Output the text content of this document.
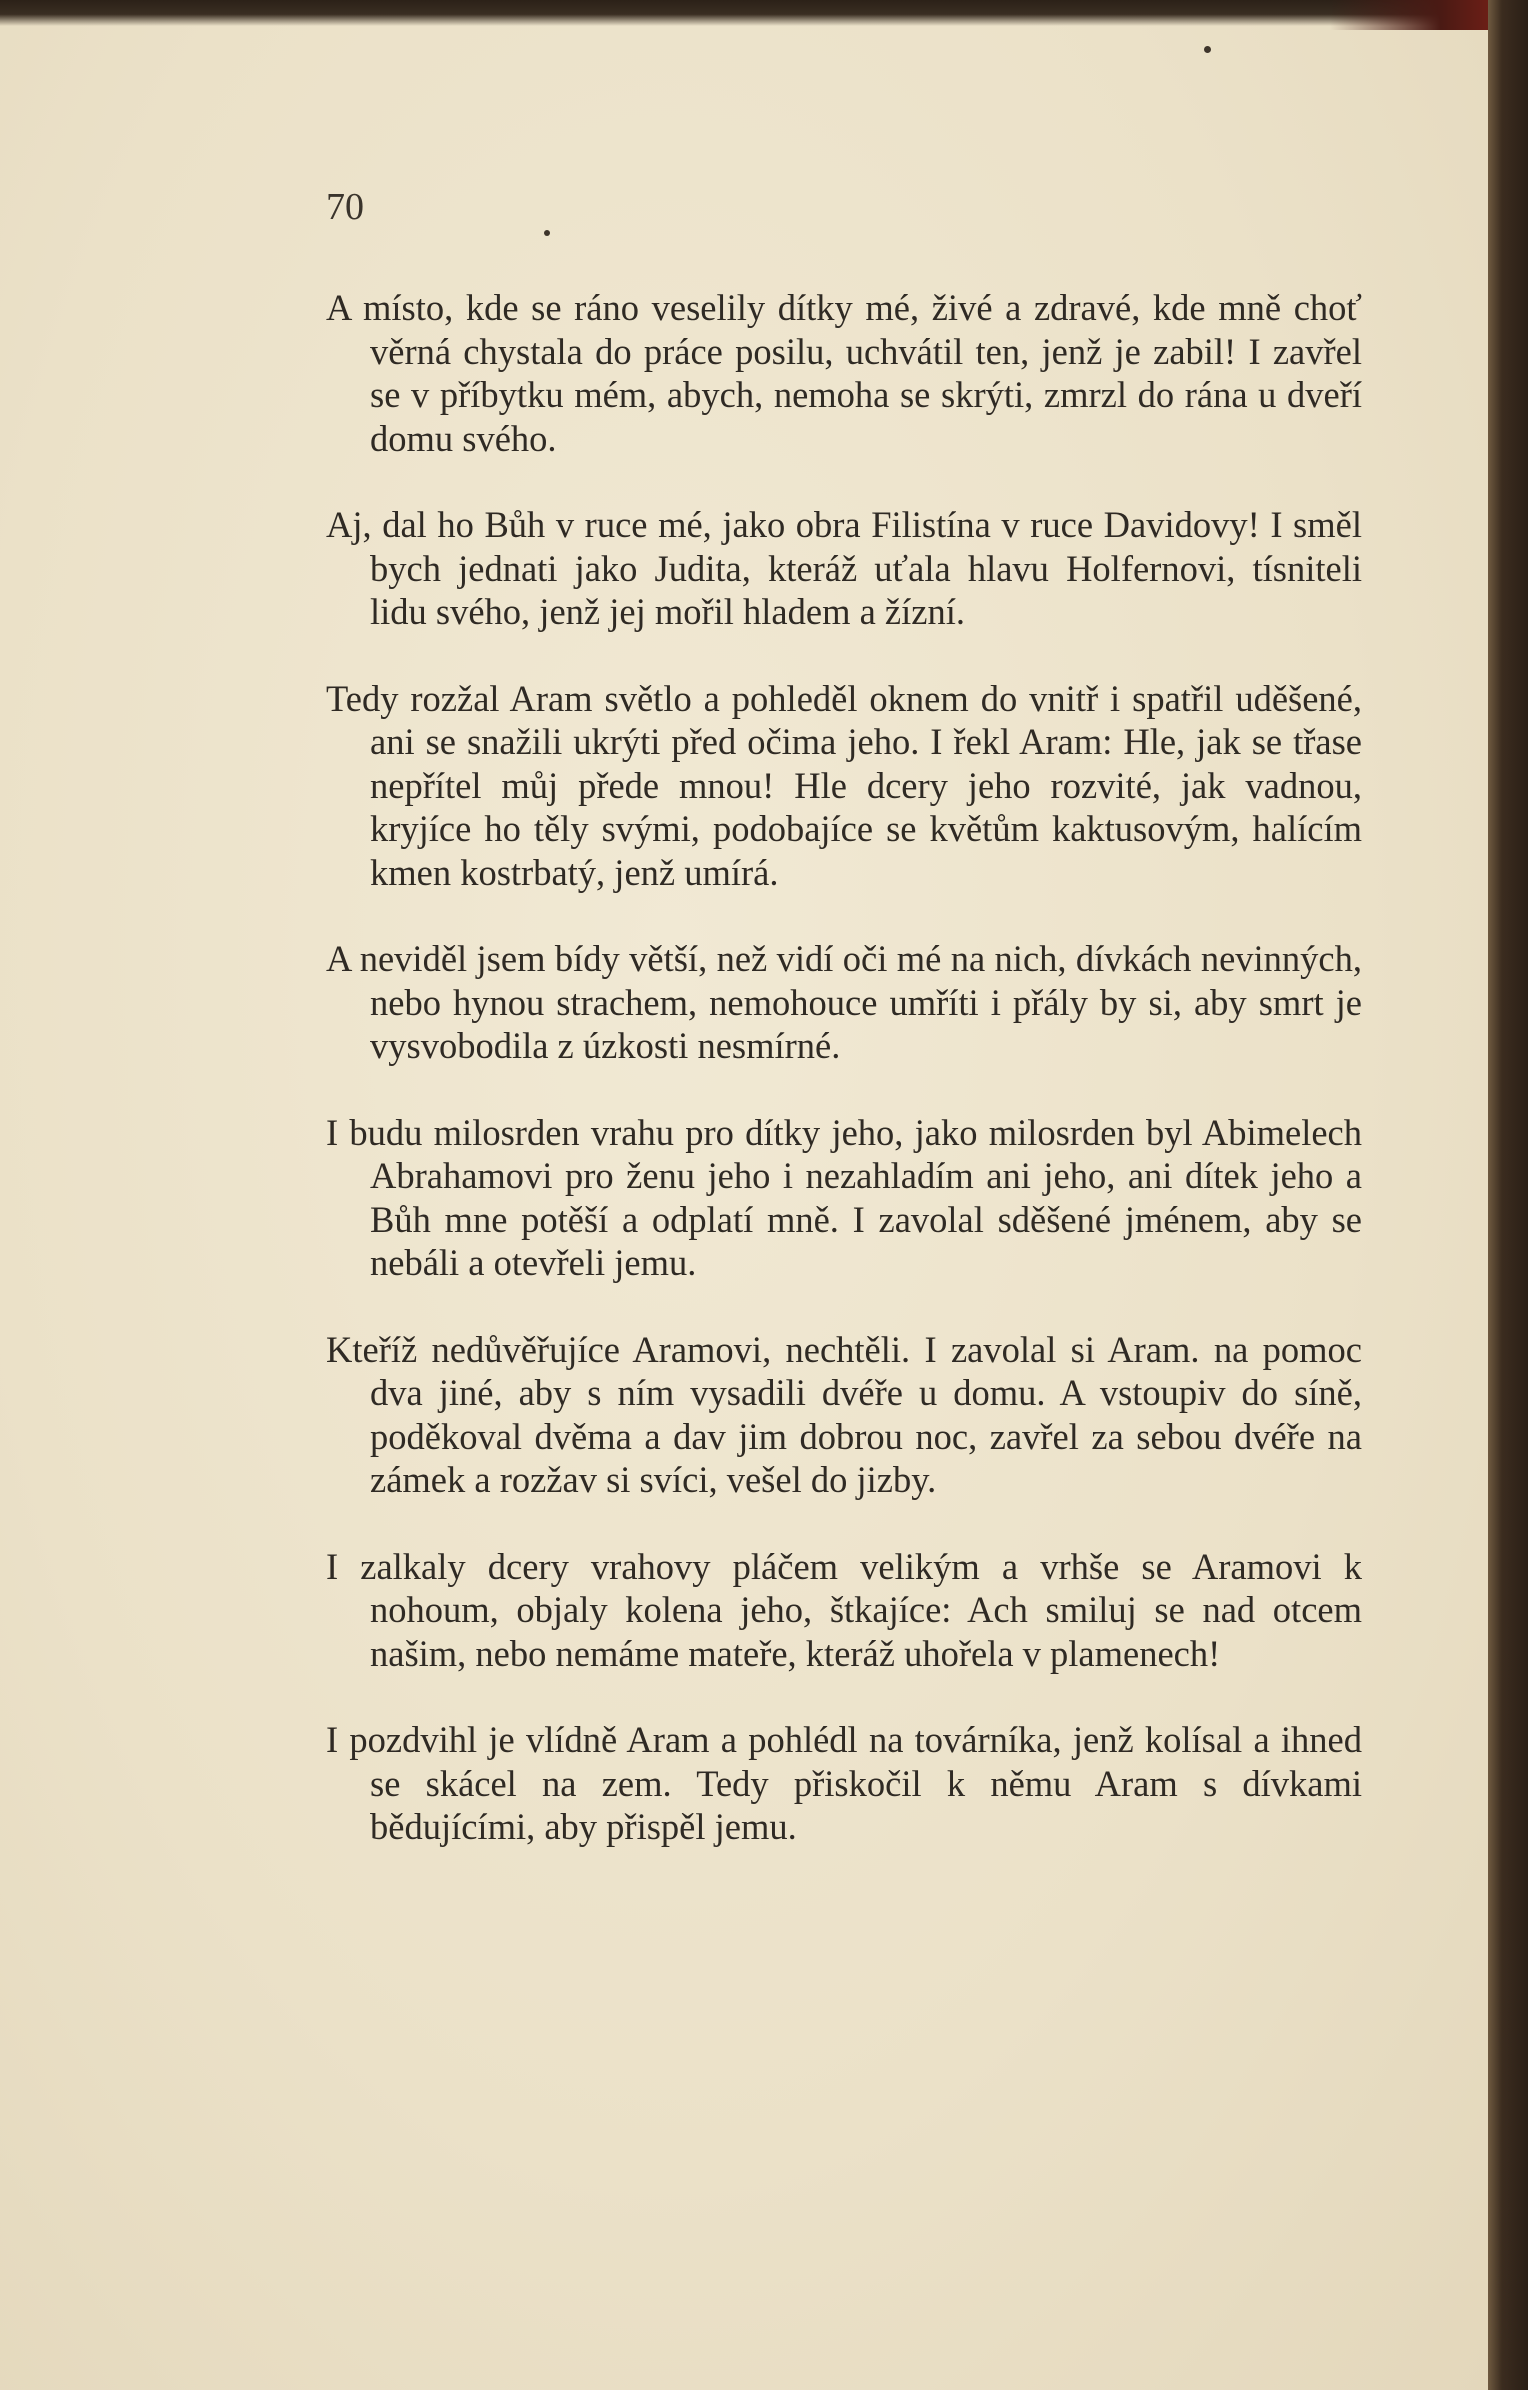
70

A místo, kde se ráno veselily dítky mé, živé a zdravé, kde mně choť věrná chystala do práce posilu, uchvátil ten, jenž je zabil! I zavřel se v příbytku mém, abych, nemoha se skrýti, zmrzl do rána u dveří domu svého.

Aj, dal ho Bůh v ruce mé, jako obra Filistína v ruce Davidovy! I směl bych jednati jako Judita, kteráž uťala hlavu Holfernovi, tísniteli lidu svého, jenž jej mořil hladem a žízní.

Tedy rozžal Aram světlo a pohleděl oknem do vnitř i spatřil uděšené, ani se snažili ukrýti před očima jeho. I řekl Aram: Hle, jak se třase nepřítel můj přede mnou! Hle dcery jeho rozvité, jak vadnou, kryjíce ho těly svými, podobajíce se květům kaktusovým, halícím kmen kostrbatý, jenž umírá.

A neviděl jsem bídy větší, než vidí oči mé na nich, dívkách nevinných, nebo hynou strachem, nemohouce umříti i přály by si, aby smrt je vysvobodila z úzkosti nesmírné.

I budu milosrden vrahu pro dítky jeho, jako milosrden byl Abimelech Abrahamovi pro ženu jeho i nezahladím ani jeho, ani dítek jeho a Bůh mne potěší a odplatí mně. I zavolal sděšené jménem, aby se nebáli a otevřeli jemu.

Kteříž nedůvěřujíce Aramovi, nechtěli. I zavolal si Aram. na pomoc dva jiné, aby s ním vysadili dvéře u domu. A vstoupiv do síně, poděkoval dvěma a dav jim dobrou noc, zavřel za sebou dvéře na zámek a rozžav si svíci, vešel do jizby.

I zalkaly dcery vrahovy pláčem velikým a vrhše se Aramovi k nohoum, objaly kolena jeho, štkajíce: Ach smiluj se nad otcem našim, nebo nemáme mateře, kteráž uhořela v plamenech!

I pozdvihl je vlídně Aram a pohlédl na továrníka, jenž kolísal a ihned se skácel na zem. Tedy přiskočil k němu Aram s dívkami bědujícími, aby přispěl jemu.
